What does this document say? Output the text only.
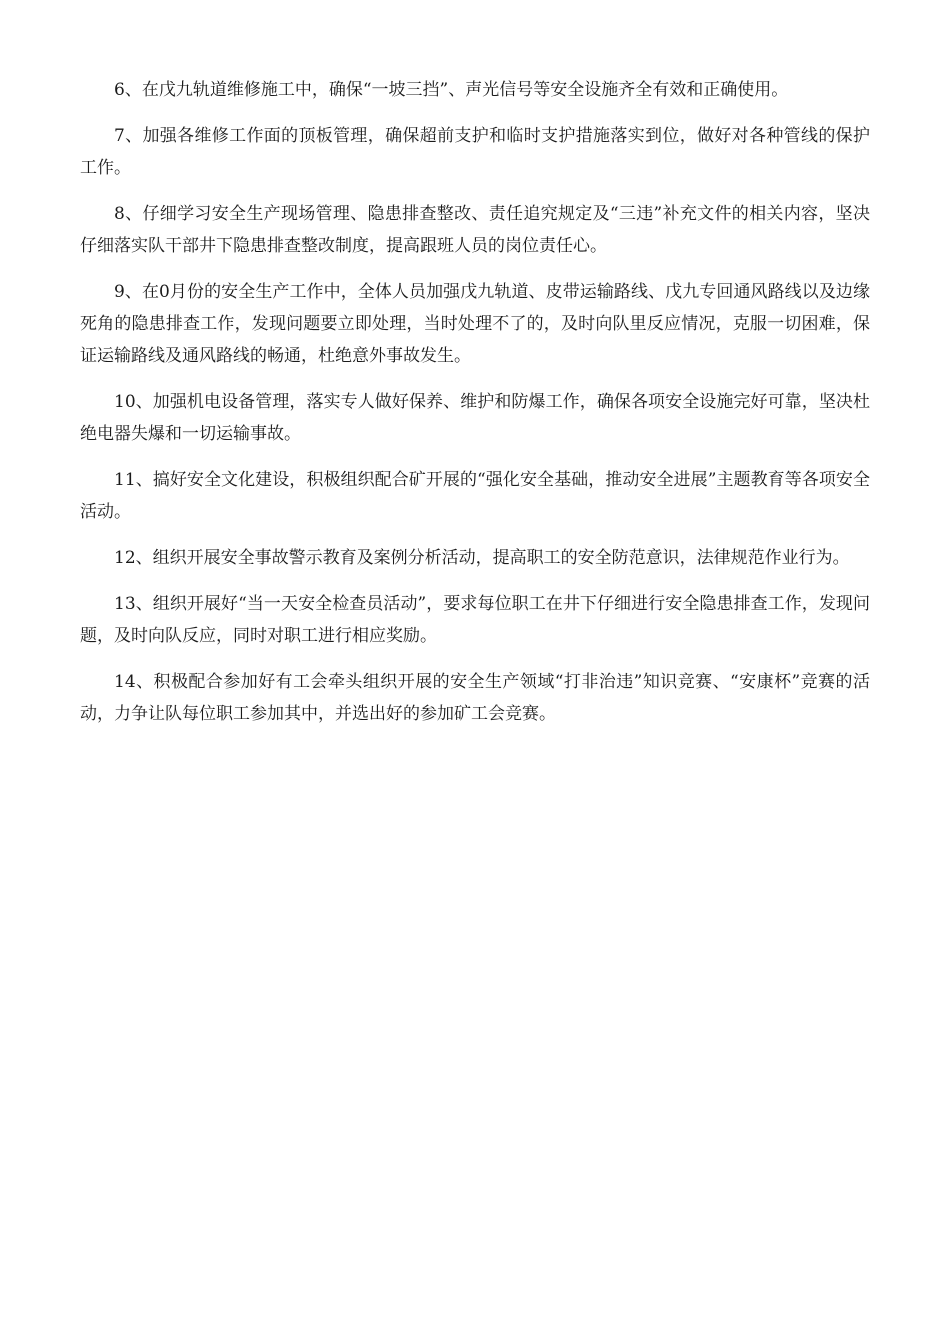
6、在戊九轨道维修施工中，确保“一坡三挡”、声光信号等安全设施齐全有效和正确使用。

7、加强各维修工作面的顶板管理，确保超前支护和临时支护措施落实到位，做好对各种管线的保护工作。

8、仔细学习安全生产现场管理、隐患排查整改、责任追究规定及“三违”补充文件的相关内容，坚决仔细落实队干部井下隐患排查整改制度，提高跟班人员的岗位责任心。

9、在0月份的安全生产工作中，全体人员加强戊九轨道、皮带运输路线、戊九专回通风路线以及边缘死角的隐患排查工作，发现问题要立即处理，当时处理不了的，及时向队里反应情况，克服一切困难，保证运输路线及通风路线的畅通，杜绝意外事故发生。

10、加强机电设备管理，落实专人做好保养、维护和防爆工作，确保各项安全设施完好可靠，坚决杜绝电器失爆和一切运输事故。

11、搞好安全文化建设，积极组织配合矿开展的“强化安全基础，推动安全进展”主题教育等各项安全活动。

12、组织开展安全事故警示教育及案例分析活动，提高职工的安全防范意识，法律规范作业行为。

13、组织开展好“当一天安全检查员活动”，要求每位职工在井下仔细进行安全隐患排查工作，发现问题，及时向队反应，同时对职工进行相应奖励。

14、积极配合参加好有工会牵头组织开展的安全生产领域“打非治违”知识竞赛、“安康杯”竞赛的活动，力争让队每位职工参加其中，并选出好的参加矿工会竞赛。
